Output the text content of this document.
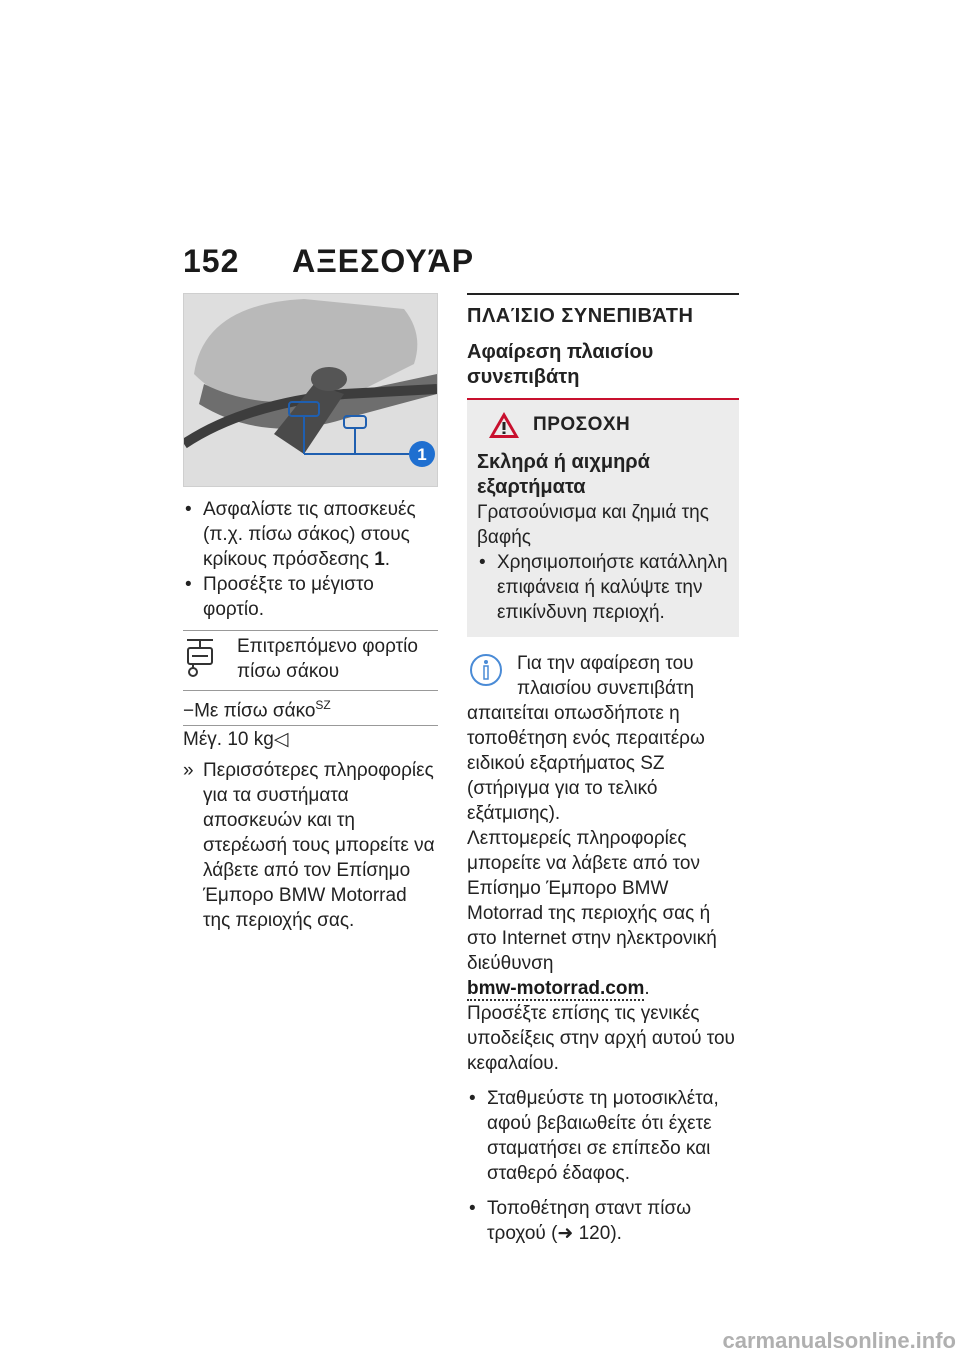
152 ΑΞΕΣΟΥΆΡ
1
• Ασφαλίστε τις αποσκευές (π.χ. πίσω σάκος) στους κρίκους πρόσδεσης 1.
• Προσέξτε το μέγιστο φορτίο.
Επιτρεπόμενο φορτίο πίσω σάκου
−Με πίσω σάκο$^{SZ}$
Μέγ. 10 kg◁
» Περισσότερες πληροφορίες για τα συστήματα αποσκευών και τη στερέωσή τους μπορείτε να λάβετε από τον Επίσημο Έμπορο BMW Motorrad της περιοχής σας.
ΠΛΑΊΣΙΟ ΣΥΝΕΠΙΒΆΤΗ
Αφαίρεση πλαισίου συνεπιβάτη
ΠΡΟΣΟΧΗ
Σκληρά ή αιχμηρά εξαρτήματα
Γρατσούνισμα και ζημιά της βαφής
• Χρησιμοποιήστε κατάλληλη επιφάνεια ή καλύψτε την επικίνδυνη περιοχή.
Για την αφαίρεση του πλαισίου συνεπιβάτη απαιτείται οπωσδήποτε η τοποθέτηση ενός περαιτέρω ειδικού εξαρτήματος SZ (στήριγμα για το τελικό εξάτμισης).
Λεπτομερείς πληροφορίες μπορείτε να λάβετε από τον Επίσημο Έμπορο BMW Motorrad της περιοχής σας ή στο Internet στην ηλεκτρονική διεύθυνση
bmw-motorrad.com.
Προσέξτε επίσης τις γενικές υποδείξεις στην αρχή αυτού του κεφαλαίου.
• Σταθμεύστε τη μοτοσικλέτα, αφού βεβαιωθείτε ότι έχετε σταματήσει σε επίπεδο και σταθερό έδαφος.
• Τοποθέτηση σταντ πίσω τροχού (➜ 120).
carmanualsonline.info
